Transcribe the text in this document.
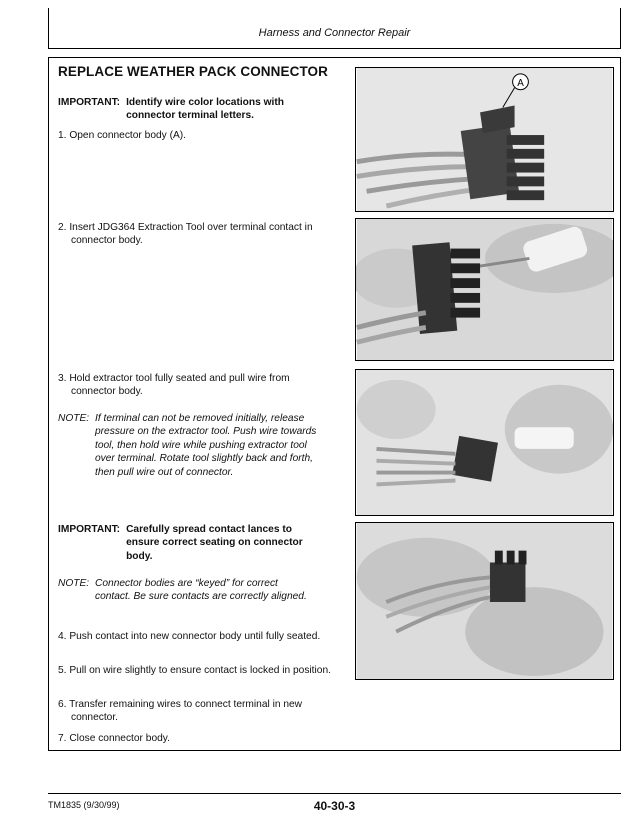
Harness and Connector Repair
REPLACE WEATHER PACK CONNECTOR
IMPORTANT: Identify wire color locations with connector terminal letters.
1. Open connector body (A).
2. Insert JDG364 Extraction Tool over terminal contact in connector body.
3. Hold extractor tool fully seated and pull wire from connector body.
NOTE: If terminal can not be removed initially, release pressure on the extractor tool. Push wire towards tool, then hold wire while pushing extractor tool over terminal. Rotate tool slightly back and forth, then pull wire out of connector.
IMPORTANT: Carefully spread contact lances to ensure correct seating on connector body.
NOTE: Connector bodies are “keyed” for correct contact. Be sure contacts are correctly aligned.
4. Push contact into new connector body until fully seated.
5. Pull on wire slightly to ensure contact is locked in position.
6. Transfer remaining wires to connect terminal in new connector.
7. Close connector body.
A
TM1835 (9/30/99)	40-30-3
